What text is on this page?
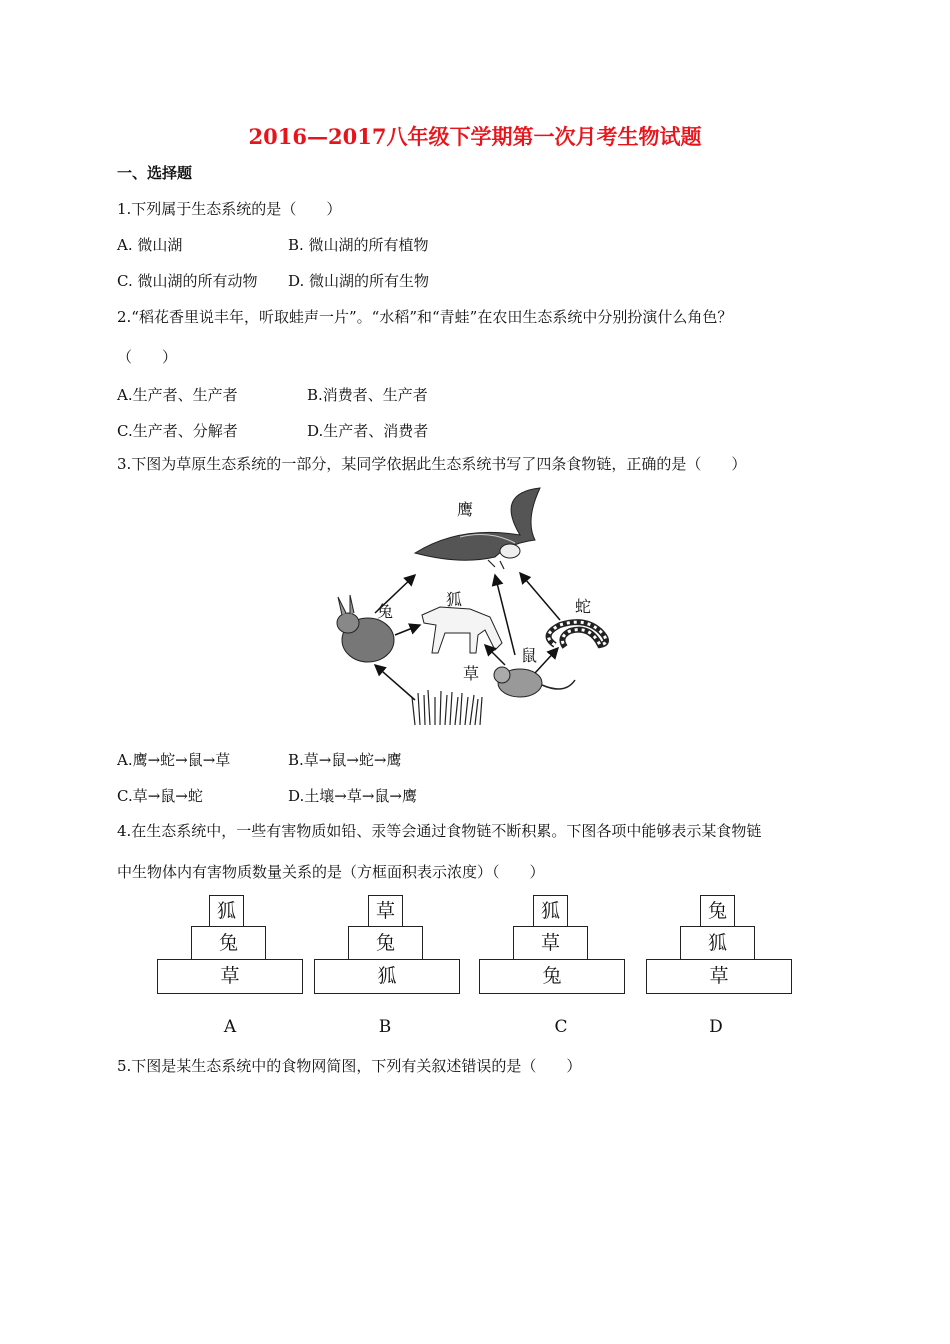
2016—2017八年级下学期第一次月考生物试题
一、选择题
1.下列属于生态系统的是（　　）
A. 微山湖	B. 微山湖的所有植物
C. 微山湖的所有动物 D. 微山湖的所有生物
2.“稻花香里说丰年，听取蛙声一片”。“水稻”和“青蛙”在农田生态系统中分别扮演什么角色？
（　　）
A.生产者、生产者	B.消费者、生产者
C.生产者、分解者	D.生产者、消费者
3.下图为草原生态系统的一部分，某同学依据此生态系统书写了四条食物链，正确的是（　　）
鹰
兔
狐	蛇
鼠
草
A.鹰→蛇→鼠→草	B.草→鼠→蛇→鹰
C.草→鼠→蛇	D.土壤→草→鼠→鹰
4.在生态系统中，一些有害物质如铅、汞等会通过食物链不断积累。下图各项中能够表示某食物链
中生物体内有害物质数量关系的是（方框面积表示浓度）（　　）
狐
兔
草
A
草
兔
狐
B
狐
草
兔
C
兔
狐
草
D
5.下图是某生态系统中的食物网简图，下列有关叙述错误的是（　　）
